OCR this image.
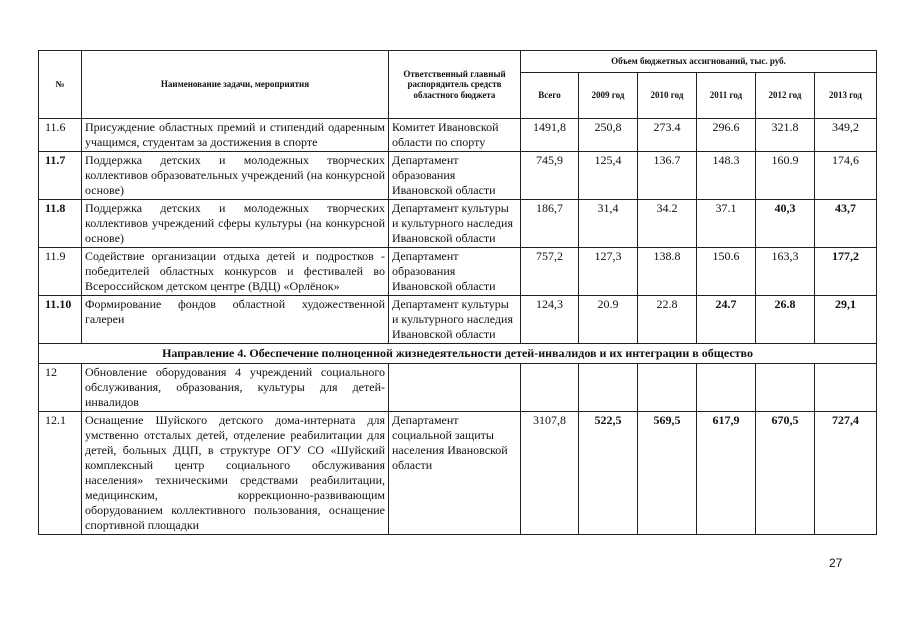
№	Наименование задачи, мероприятия	Ответственный главный распорядитель средств областного бюджета	Объем бюджетных ассигнований, тыс. руб.					
			Всего	2009 год	2010 год	2011 год	2012 год	2013 год
11.6	Присуждение областных премий и стипендий одаренным учащимся, студентам за достижения в спорте	Комитет Ивановской области по спорту	1491,8	250,8	273.4	296.6	321.8	349,2
11.7	Поддержка детских и молодежных творческих коллективов образовательных учреждений (на конкурсной основе)	Департамент образования Ивановской области	745,9	125,4	136.7	148.3	160.9	174,6
11.8	Поддержка детских и молодежных творческих коллективов учреждений сферы культуры (на конкурсной основе)	Департамент культуры и культурного наследия Ивановской области	186,7	31,4	34.2	37.1	40,3	43,7
11.9	Содействие организации отдыха детей и подростков - победителей областных конкурсов и фестивалей во Всероссийском детском центре (ВДЦ) «Орлёнок»	Департамент образования Ивановской области	757,2	127,3	138.8	150.6	163,3	177,2
11.10	Формирование фондов областной художественной галереи	Департамент культуры и культурного наследия Ивановской области	124,3	20.9	22.8	24.7	26.8	29,1
Направление 4. Обеспечение полноценной жизнедеятельности детей-инвалидов и их интеграции в общество								
12	Обновление оборудования 4 учреждений социального обслуживания, образования, культуры для детей-инвалидов							
12.1	Оснащение Шуйского детского дома-интерната для умственно отсталых детей, отделение реабилитации для детей, больных ДЦП, в структуре ОГУ СО «Шуйский комплексный центр социального обслуживания населения» техническими средствами реабилитации, медицинским, коррекционно-развивающим оборудованием коллективного пользования, оснащение спортивной площадки	Департамент социальной защиты населения Ивановской области	3107,8	522,5	569,5	617,9	670,5	727,4
27
